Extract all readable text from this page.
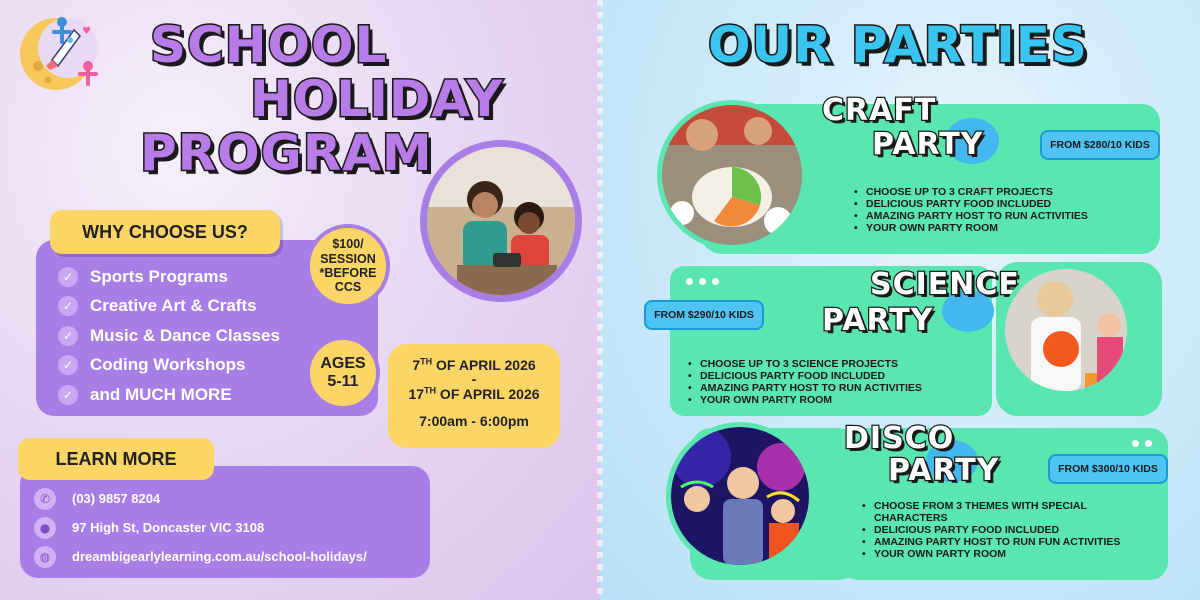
♥
✦ SCHOOL
HOLIDAY
PROGRAM
WHY CHOOSE US?
✓ Sports Programs
✓ Creative Art & Crafts
✓ Music & Dance Classes
✓ Coding Workshops
✓ and MUCH MORE
$100/
SESSION
*BEFORE
CCS
AGES
5-11
7TH OF APRIL 2026
-
17TH OF APRIL 2026
7:00am - 6:00pm
LEARN MORE
✆	(03) 9857 8204
●	97 High St, Doncaster VIC 3108
◍	dreambigearlylearning.com.au/school-holidays/
OUR PARTIES
CRAFT
PARTY	FROM $280/10 KIDS
• CHOOSE UP TO 3 CRAFT PROJECTS
• DELICIOUS PARTY FOOD INCLUDED
• AMAZING PARTY HOST TO RUN ACTIVITIES
• YOUR OWN PARTY ROOM
FROM $290/10 KIDS
SCIENCE
PARTY
• CHOOSE UP TO 3 SCIENCE PROJECTS
• DELICIOUS PARTY FOOD INCLUDED
• AMAZING PARTY HOST TO RUN ACTIVITIES
• YOUR OWN PARTY ROOM
DISCO
PARTY	FROM $300/10 KIDS
• CHOOSE FROM 3 THEMES WITH SPECIAL CHARACTERS
• DELICIOUS PARTY FOOD INCLUDED
• AMAZING PARTY HOST TO RUN FUN ACTIVITIES
• YOUR OWN PARTY ROOM
